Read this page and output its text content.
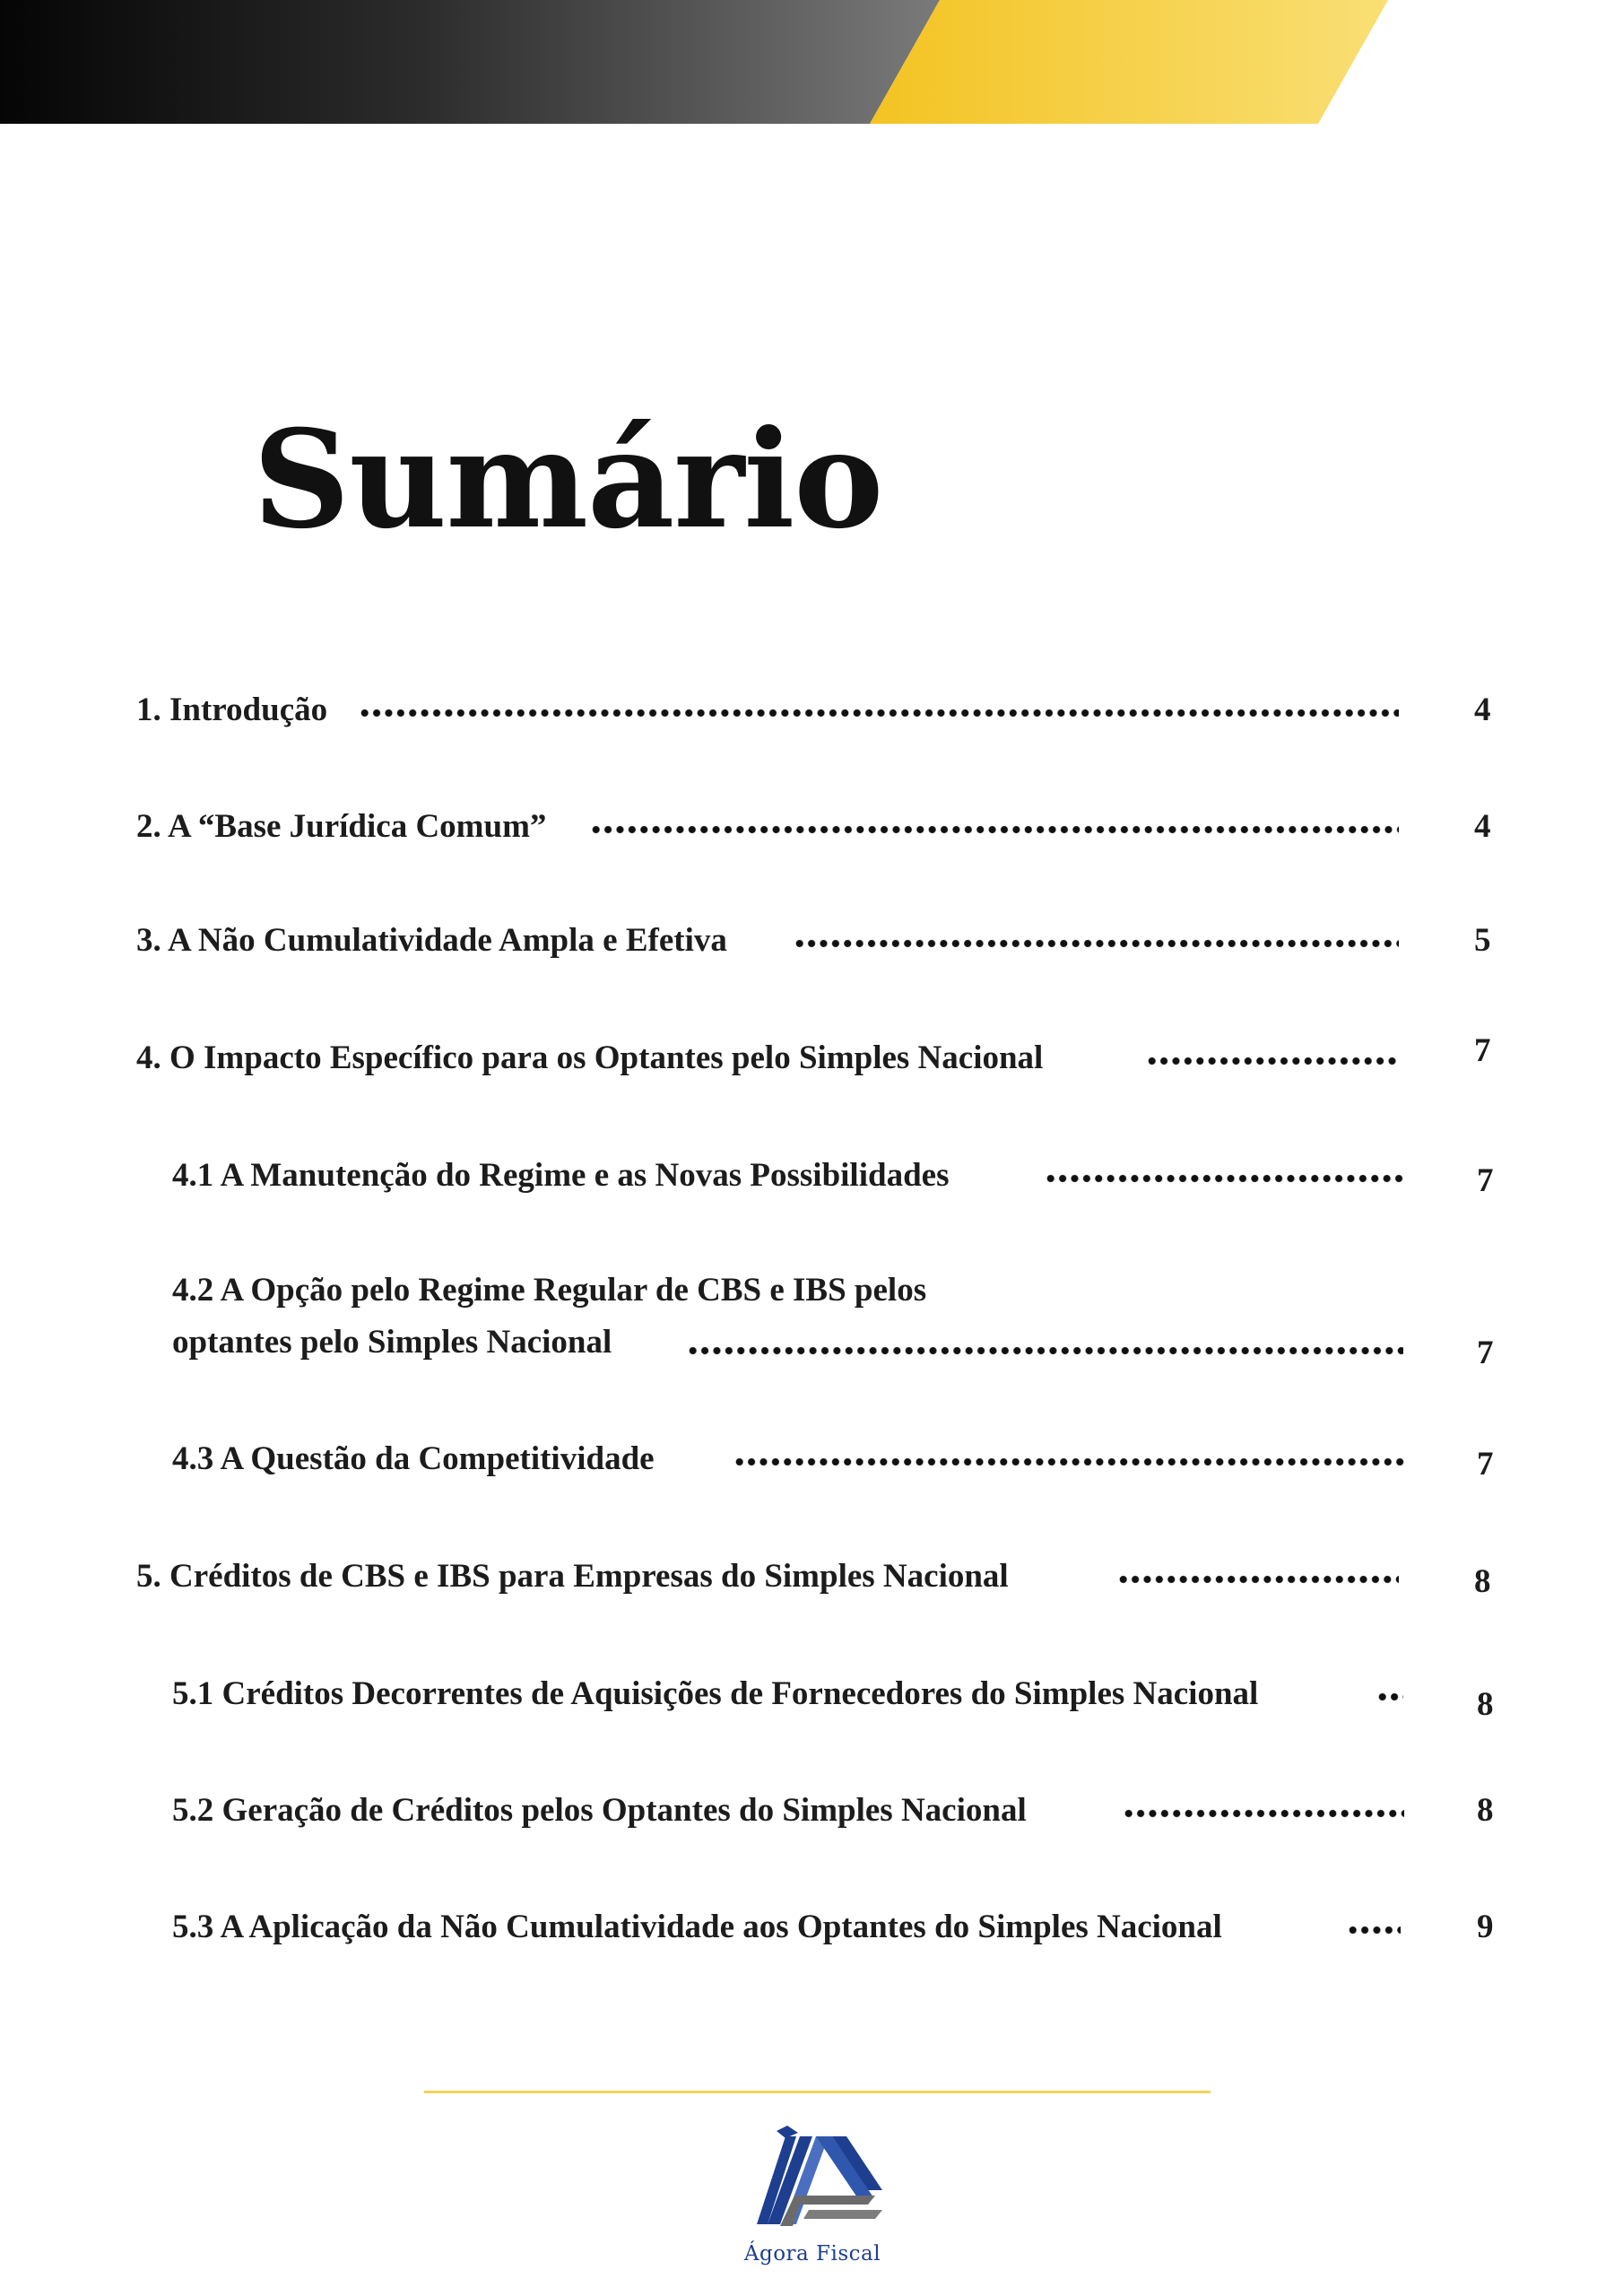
Sumário
1. Introdução	4
2. A “Base Jurídica Comum”	4
3. A Não Cumulatividade Ampla e Efetiva	5
4. O Impacto Específico para os Optantes pelo Simples Nacional	7
4.1 A Manutenção do Regime e as Novas Possibilidades	7
4.2 A Opção pelo Regime Regular de CBS e IBS pelos
optantes pelo Simples Nacional	7
4.3 A Questão da Competitividade	7
5. Créditos de CBS e IBS para Empresas do Simples Nacional	8
5.1 Créditos Decorrentes de Aquisições de Fornecedores do Simples Nacional	8
5.2 Geração de Créditos pelos Optantes do Simples Nacional	8
5.3 A Aplicação da Não Cumulatividade aos Optantes do Simples Nacional	9
Ágora Fiscal
